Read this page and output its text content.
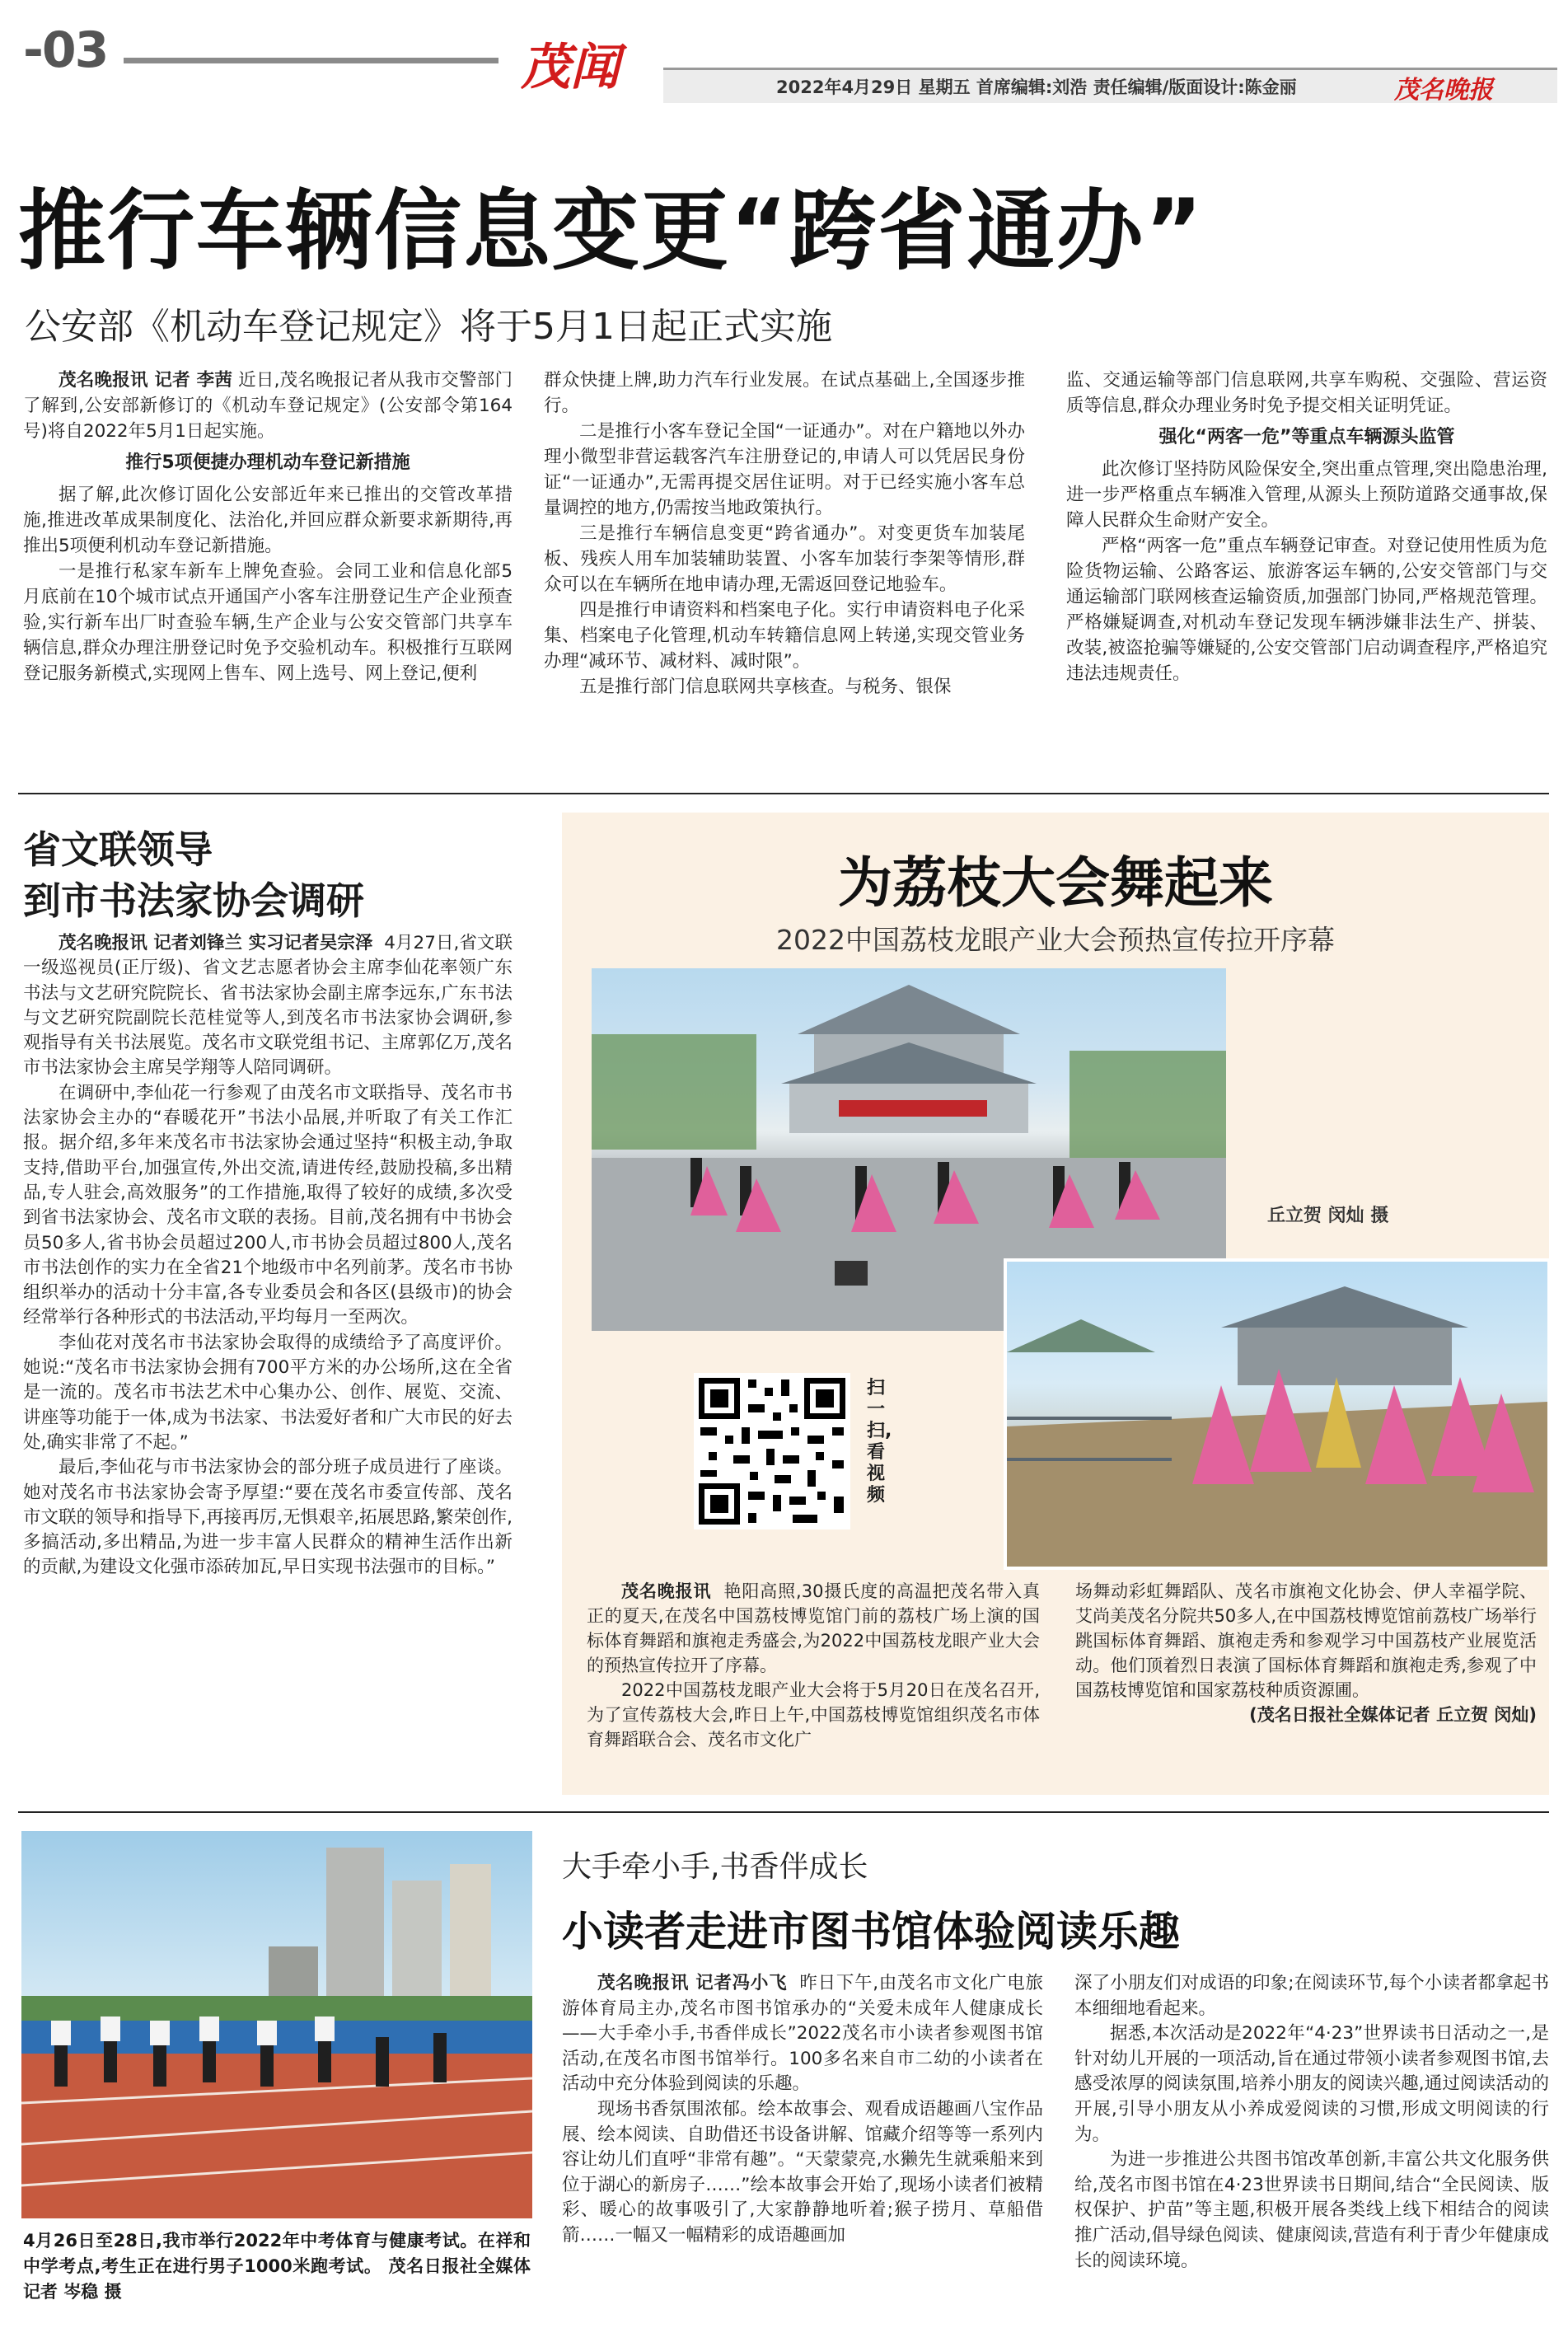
-03	茂闻	2022年4月29日 星期五 首席编辑:刘浩 责任编辑/版面设计:陈金丽	茂名晚报
推行车辆信息变更“跨省通办”
公安部《机动车登记规定》将于5月1日起正式实施

茂名晚报讯 记者 李茜 近日,茂名晚报记者从我市交警部门了解到,公安部新修订的《机动车登记规定》(公安部令第164号)将自2022年5月1日起实施。

推行5项便捷办理机动车登记新措施

据了解,此次修订固化公安部近年来已推出的交管改革措施,推进改革成果制度化、法治化,并回应群众新要求新期待,再推出5项便利机动车登记新措施。

一是推行私家车新车上牌免查验。会同工业和信息化部5月底前在10个城市试点开通国产小客车注册登记生产企业预查验,实行新车出厂时查验车辆,生产企业与公安交管部门共享车辆信息,群众办理注册登记时免予交验机动车。积极推行互联网登记服务新模式,实现网上售车、网上选号、网上登记,便利

群众快捷上牌,助力汽车行业发展。在试点基础上,全国逐步推行。

二是推行小客车登记全国“一证通办”。对在户籍地以外办理小微型非营运载客汽车注册登记的,申请人可以凭居民身份证“一证通办”,无需再提交居住证明。对于已经实施小客车总量调控的地方,仍需按当地政策执行。

三是推行车辆信息变更“跨省通办”。对变更货车加装尾板、残疾人用车加装辅助装置、小客车加装行李架等情形,群众可以在车辆所在地申请办理,无需返回登记地验车。

四是推行申请资料和档案电子化。实行申请资料电子化采集、档案电子化管理,机动车转籍信息网上转递,实现交管业务办理“减环节、减材料、减时限”。

五是推行部门信息联网共享核查。与税务、银保

监、交通运输等部门信息联网,共享车购税、交强险、营运资质等信息,群众办理业务时免予提交相关证明凭证。

强化“两客一危”等重点车辆源头监管

此次修订坚持防风险保安全,突出重点管理,突出隐患治理,进一步严格重点车辆准入管理,从源头上预防道路交通事故,保障人民群众生命财产安全。

严格“两客一危”重点车辆登记审查。对登记使用性质为危险货物运输、公路客运、旅游客运车辆的,公安交管部门与交通运输部门联网核查运输资质,加强部门协同,严格规范管理。严格嫌疑调查,对机动车登记发现车辆涉嫌非法生产、拼装、改装,被盗抢骗等嫌疑的,公安交管部门启动调查程序,严格追究违法违规责任。

省文联领导
到市书法家协会调研

茂名晚报讯 记者刘锋兰 实习记者吴宗泽 4月27日,省文联一级巡视员(正厅级)、省文艺志愿者协会主席李仙花率领广东书法与文艺研究院院长、省书法家协会副主席李远东,广东书法与文艺研究院副院长范桂觉等人,到茂名市书法家协会调研,参观指导有关书法展览。茂名市文联党组书记、主席郭亿万,茂名市书法家协会主席吴学翔等人陪同调研。

在调研中,李仙花一行参观了由茂名市文联指导、茂名市书法家协会主办的“春暖花开”书法小品展,并听取了有关工作汇报。据介绍,多年来茂名市书法家协会通过坚持“积极主动,争取支持,借助平台,加强宣传,外出交流,请进传经,鼓励投稿,多出精品,专人驻会,高效服务”的工作措施,取得了较好的成绩,多次受到省书法家协会、茂名市文联的表扬。目前,茂名拥有中书协会员50多人,省书协会员超过200人,市书协会员超过800人,茂名市书法创作的实力在全省21个地级市中名列前茅。茂名市书协组织举办的活动十分丰富,各专业委员会和各区(县级市)的协会经常举行各种形式的书法活动,平均每月一至两次。

李仙花对茂名市书法家协会取得的成绩给予了高度评价。她说:“茂名市书法家协会拥有700平方米的办公场所,这在全省是一流的。茂名市书法艺术中心集办公、创作、展览、交流、讲座等功能于一体,成为书法家、书法爱好者和广大市民的好去处,确实非常了不起。”

最后,李仙花与市书法家协会的部分班子成员进行了座谈。她对茂名市书法家协会寄予厚望:“要在茂名市委宣传部、茂名市文联的领导和指导下,再接再厉,无惧艰辛,拓展思路,繁荣创作,多搞活动,多出精品,为进一步丰富人民群众的精神生活作出新的贡献,为建设文化强市添砖加瓦,早日实现书法强市的目标。”

为荔枝大会舞起来
2022中国荔枝龙眼产业大会预热宣传拉开序幕
丘立贺 闵灿 摄
扫一扫,看视频

茂名晚报讯 艳阳高照,30摄氏度的高温把茂名带入真正的夏天,在茂名中国荔枝博览馆门前的荔枝广场上演的国标体育舞蹈和旗袍走秀盛会,为2022中国荔枝龙眼产业大会的预热宣传拉开了序幕。

2022中国荔枝龙眼产业大会将于5月20日在茂名召开,为了宣传荔枝大会,昨日上午,中国荔枝博览馆组织茂名市体育舞蹈联合会、茂名市文化广

场舞动彩虹舞蹈队、茂名市旗袍文化协会、伊人幸福学院、艾尚美茂名分院共50多人,在中国荔枝博览馆前荔枝广场举行跳国标体育舞蹈、旗袍走秀和参观学习中国荔枝产业展览活动。他们顶着烈日表演了国标体育舞蹈和旗袍走秀,参观了中国荔枝博览馆和国家荔枝种质资源圃。

(茂名日报社全媒体记者 丘立贺 闵灿)
4月26日至28日,我市举行2022年中考体育与健康考试。在祥和中学考点,考生正在进行男子1000米跑考试。 茂名日报社全媒体记者 岑稳 摄
大手牵小手,书香伴成长
小读者走进市图书馆体验阅读乐趣

茂名晚报讯 记者冯小飞 昨日下午,由茂名市文化广电旅游体育局主办,茂名市图书馆承办的“关爱未成年人健康成长——大手牵小手,书香伴成长”2022茂名市小读者参观图书馆活动,在茂名市图书馆举行。100多名来自市二幼的小读者在活动中充分体验到阅读的乐趣。

现场书香氛围浓郁。绘本故事会、观看成语趣画八宝作品展、绘本阅读、自助借还书设备讲解、馆藏介绍等等一系列内容让幼儿们直呼“非常有趣”。“天蒙蒙亮,水獭先生就乘船来到位于湖心的新房子……”绘本故事会开始了,现场小读者们被精彩、暖心的故事吸引了,大家静静地听着;猴子捞月、草船借箭……一幅又一幅精彩的成语趣画加

深了小朋友们对成语的印象;在阅读环节,每个小读者都拿起书本细细地看起来。

据悉,本次活动是2022年“4·23”世界读书日活动之一,是针对幼儿开展的一项活动,旨在通过带领小读者参观图书馆,去感受浓厚的阅读氛围,培养小朋友的阅读兴趣,通过阅读活动的开展,引导小朋友从小养成爱阅读的习惯,形成文明阅读的行为。

为进一步推进公共图书馆改革创新,丰富公共文化服务供给,茂名市图书馆在4·23世界读书日期间,结合“全民阅读、版权保护、护苗”等主题,积极开展各类线上线下相结合的阅读推广活动,倡导绿色阅读、健康阅读,营造有利于青少年健康成长的阅读环境。
